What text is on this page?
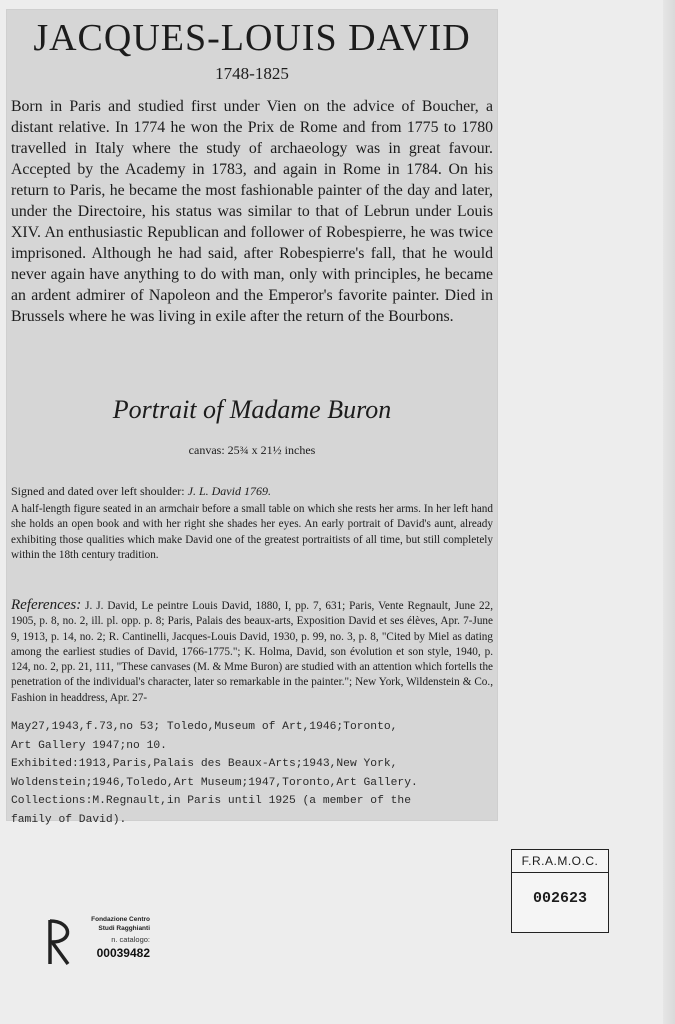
JACQUES-LOUIS DAVID
1748-1825
Born in Paris and studied first under Vien on the advice of Boucher, a distant relative. In 1774 he won the Prix de Rome and from 1775 to 1780 travelled in Italy where the study of archaeology was in great favour. Accepted by the Academy in 1783, and again in Rome in 1784. On his return to Paris, he became the most fashionable painter of the day and later, under the Directoire, his status was similar to that of Lebrun under Louis XIV. An enthusiastic Republican and follower of Robespierre, he was twice imprisoned. Although he had said, after Robespierre's fall, that he would never again have anything to do with man, only with principles, he became an ardent admirer of Napoleon and the Emperor's favorite painter. Died in Brussels where he was living in exile after the return of the Bourbons.
Portrait of Madame Buron
canvas: 25¾ x 21½ inches
Signed and dated over left shoulder: J. L. David 1769.
A half-length figure seated in an armchair before a small table on which she rests her arms. In her left hand she holds an open book and with her right she shades her eyes. An early portrait of David's aunt, already exhibiting those qualities which make David one of the greatest portraitists of all time, but still completely within the 18th century tradition.
References: J. J. David, Le peintre Louis David, 1880, I, pp. 7, 631; Paris, Vente Regnault, June 22, 1905, p. 8, no. 2, ill. pl. opp. p. 8; Paris, Palais des beaux-arts, Exposition David et ses élèves, Apr. 7-June 9, 1913, p. 14, no. 2; R. Cantinelli, Jacques-Louis David, 1930, p. 99, no. 3, p. 8, "Cited by Miel as dating among the earliest studies of David, 1766-1775."; K. Holma, David, son évolution et son style, 1940, p. 124, no. 2, pp. 21, 111, "These canvases (M. & Mme Buron) are studied with an attention which fortells the penetration of the individual's character, later so remarkable in the painter."; New York, Wildenstein & Co., Fashion in headdress, Apr. 27-
May27,1943,f.73,no 53; Toledo,Museum of Art,1946;Toronto,
Art Gallery 1947;no 10.
Exhibited:1913,Paris,Palais des Beaux-Arts;1943,New York,
Woldenstein;1946,Toledo,Art Museum;1947,Toronto,Art Gallery.
Collections:M.Regnault,in Paris until 1925 (a member of the
family of David).
F.R.A.M.O.C.
002623
Fondazione Centro
Studi Ragghianti
n. catalogo:
00039482
